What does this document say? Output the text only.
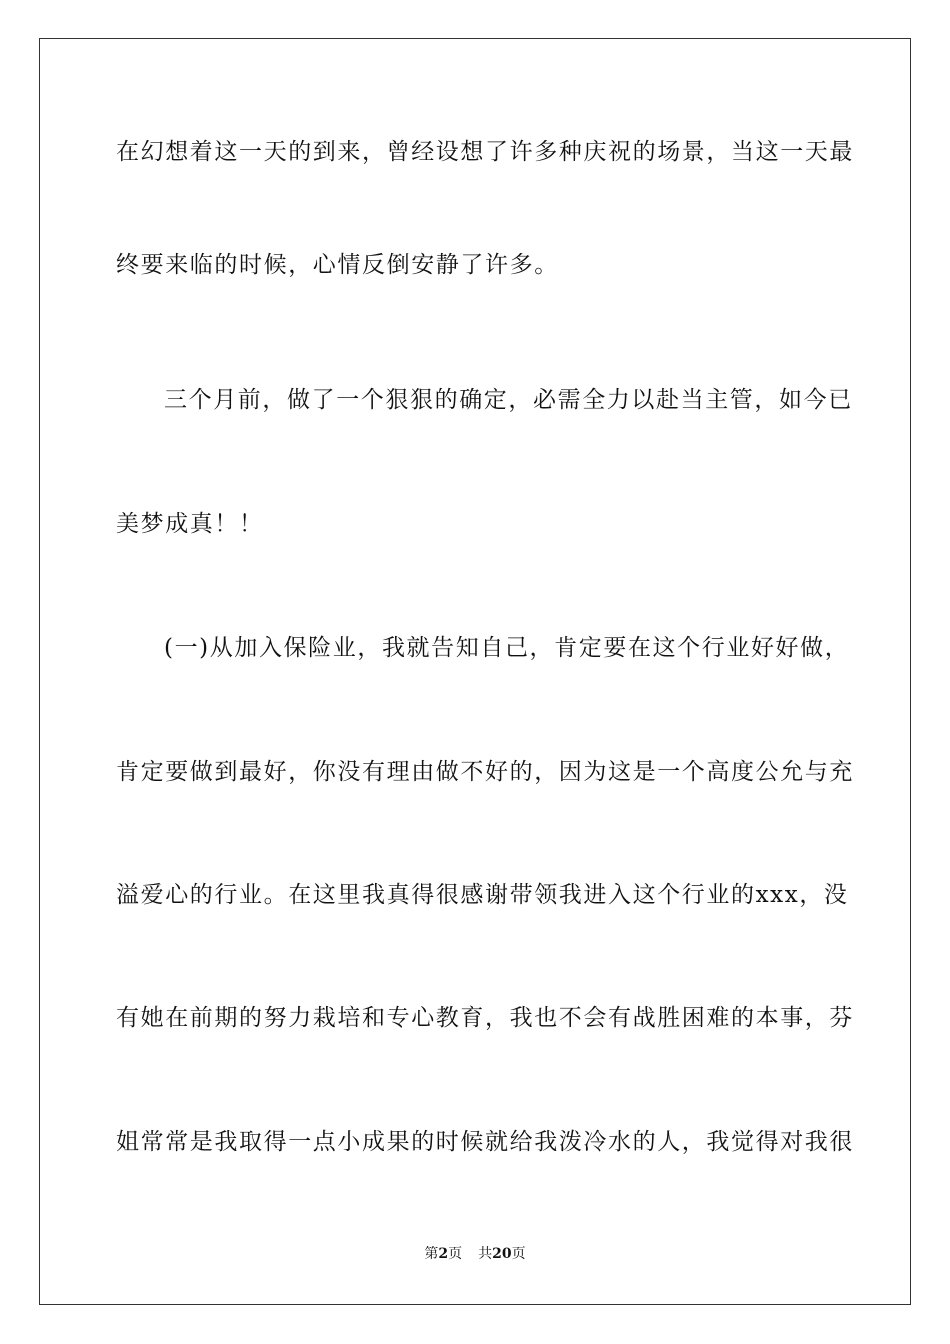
在幻想着这一天的到来，曾经设想了许多种庆祝的场景，当这一天最
终要来临的时候，心情反倒安静了许多。
三个月前，做了一个狠狠的确定，必需全力以赴当主管，如今已
美梦成真！！
(一)从加入保险业，我就告知自己，肯定要在这个行业好好做，
肯定要做到最好，你没有理由做不好的，因为这是一个高度公允与充
溢爱心的行业。在这里我真得很感谢带领我进入这个行业的xxx，没
有她在前期的努力栽培和专心教育，我也不会有战胜困难的本事，芬
姐常常是我取得一点小成果的时候就给我泼冷水的人，我觉得对我很
第2页 共20页
